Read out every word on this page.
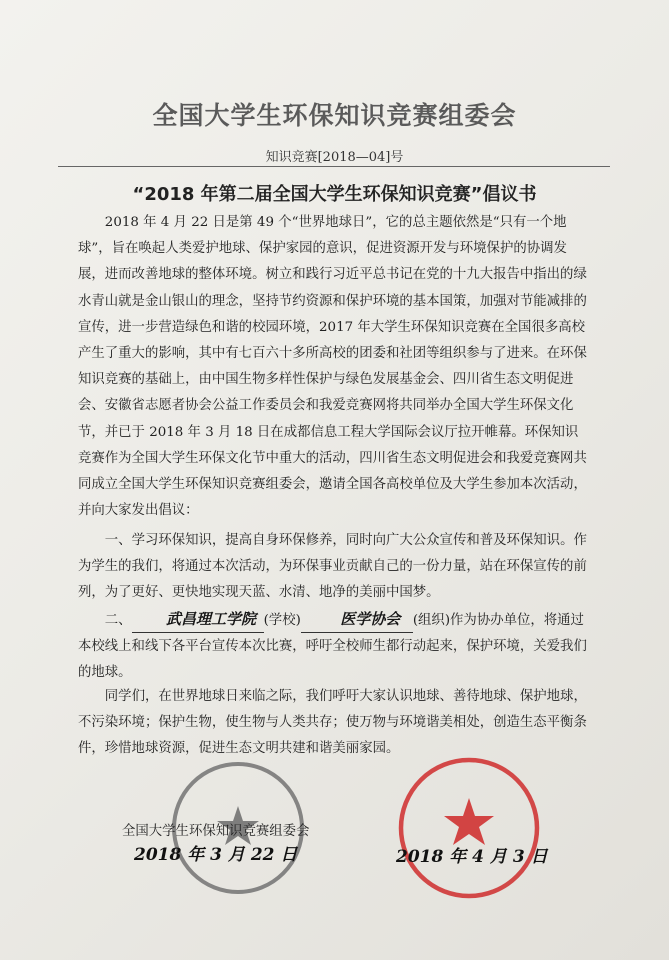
全国大学生环保知识竞赛组委会
知识竞赛[2018—04]号
“2018 年第二届全国大学生环保知识竞赛”倡议书
2018 年 4 月 22 日是第 49 个“世界地球日”，它的总主题依然是“只有一个地球”，旨在唤起人类爱护地球、保护家园的意识，促进资源开发与环境保护的协调发展，进而改善地球的整体环境。树立和践行习近平总书记在党的十九大报告中指出的绿水青山就是金山银山的理念，坚持节约资源和保护环境的基本国策，加强对节能减排的宣传，进一步营造绿色和谐的校园环境，2017 年大学生环保知识竞赛在全国很多高校产生了重大的影响，其中有七百六十多所高校的团委和社团等组织参与了进来。在环保知识竞赛的基础上，由中国生物多样性保护与绿色发展基金会、四川省生态文明促进会、安徽省志愿者协会公益工作委员会和我爱竞赛网将共同举办全国大学生环保文化节，并已于 2018 年 3 月 18 日在成都信息工程大学国际会议厅拉开帷幕。环保知识竞赛作为全国大学生环保文化节中重大的活动，四川省生态文明促进会和我爱竞赛网共同成立全国大学生环保知识竞赛组委会，邀请全国各高校单位及大学生参加本次活动，并向大家发出倡议：
一、学习环保知识，提高自身环保修养，同时向广大公众宣传和普及环保知识。作为学生的我们，将通过本次活动，为环保事业贡献自己的一份力量，站在环保宣传的前列，为了更好、更快地实现天蓝、水清、地净的美丽中国梦。
二、 武昌理工学院 (学校)	医学协会 (组织)作为协办单位，将通过本校线上和线下各平台宣传本次比赛，呼吁全校师生都行动起来，保护环境，关爱我们的地球。
同学们，在世界地球日来临之际，我们呼吁大家认识地球、善待地球、保护地球，不污染环境；保护生物，使生物与人类共存；使万物与环境谐美相处，创造生态平衡条件，珍惜地球资源，促进生态文明共建和谐美丽家园。
全国大学生环保知识竞赛组委会
2018 年 3 月 22 日	2018 年 4 月 3 日
